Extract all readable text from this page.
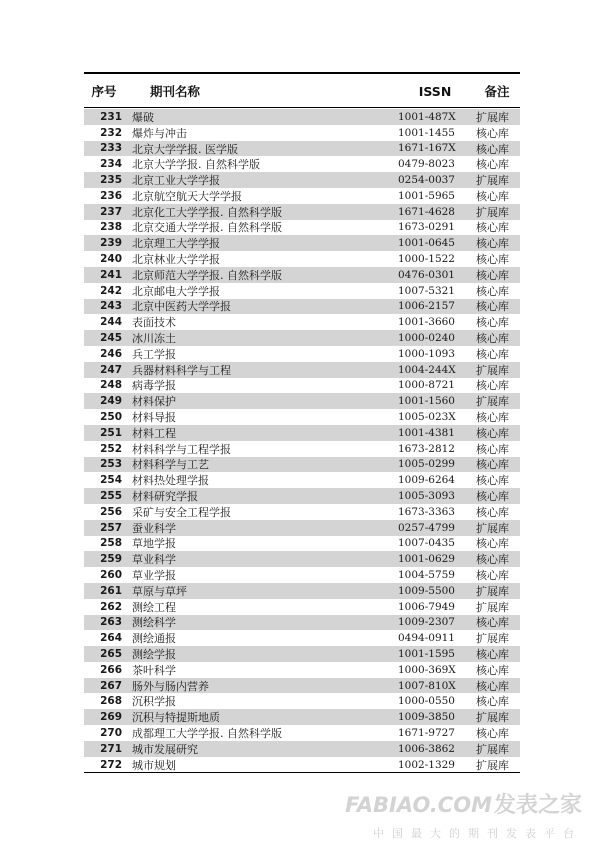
序号	期刊名称	ISSN	备注
231 爆破	1001-487X	扩展库
232 爆炸与冲击	1001-1455	核心库
233 北京大学学报. 医学版	1671-167X	核心库
234 北京大学学报. 自然科学版	0479-8023	核心库
235 北京工业大学学报	0254-0037	扩展库
236 北京航空航天大学学报	1001-5965	核心库
237 北京化工大学学报. 自然科学版	1671-4628	扩展库
238 北京交通大学学报. 自然科学版	1673-0291	核心库
239 北京理工大学学报	1001-0645	核心库
240 北京林业大学学报	1000-1522	核心库
241 北京师范大学学报. 自然科学版	0476-0301	核心库
242 北京邮电大学学报	1007-5321	核心库
243 北京中医药大学学报	1006-2157	核心库
244 表面技术	1001-3660	核心库
245 冰川冻土	1000-0240	核心库
246 兵工学报	1000-1093	核心库
247 兵器材料科学与工程	1004-244X	扩展库
248 病毒学报	1000-8721	核心库
249 材料保护	1001-1560	扩展库
250 材料导报	1005-023X	核心库
251 材料工程	1001-4381	核心库
252 材料科学与工程学报	1673-2812	核心库
253 材料科学与工艺	1005-0299	核心库
254 材料热处理学报	1009-6264	核心库
255 材料研究学报	1005-3093	核心库
256 采矿与安全工程学报	1673-3363	核心库
257 蚕业科学	0257-4799	扩展库
258 草地学报	1007-0435	核心库
259 草业科学	1001-0629	核心库
260 草业学报	1004-5759	核心库
261 草原与草坪	1009-5500	扩展库
262 测绘工程	1006-7949	扩展库
263 测绘科学	1009-2307	核心库
264 测绘通报	0494-0911	扩展库
265 测绘学报	1001-1595	核心库
266 茶叶科学	1000-369X	核心库
267 肠外与肠内营养	1007-810X	核心库
268 沉积学报	1000-0550	核心库
269 沉积与特提斯地质	1009-3850	扩展库
270 成都理工大学学报. 自然科学版	1671-9727	核心库
271 城市发展研究	1006-3862	扩展库
272 城市规划	1002-1329	扩展库
FABIAO.COM发表之家
中国最大的期刊发表平台
